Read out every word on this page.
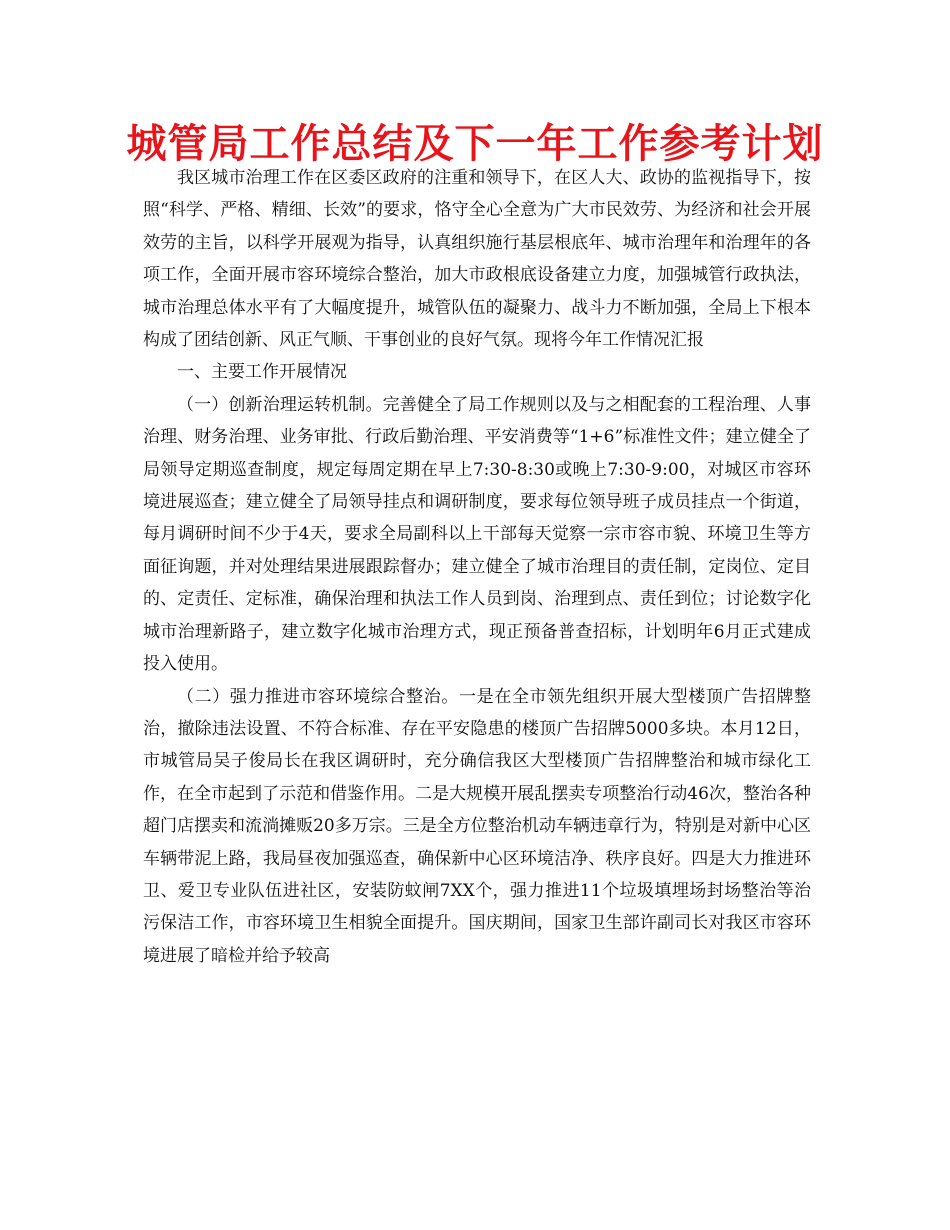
城管局工作总结及下一年工作参考计划

我区城市治理工作在区委区政府的注重和领导下，在区人大、政协的监视指导下，按照“科学、严格、精细、长效”的要求，恪守全心全意为广大市民效劳、为经济和社会开展效劳的主旨，以科学开展观为指导，认真组织施行基层根底年、城市治理年和治理年的各项工作，全面开展市容环境综合整治，加大市政根底设备建立力度，加强城管行政执法，城市治理总体水平有了大幅度提升，城管队伍的凝聚力、战斗力不断加强，全局上下根本构成了团结创新、风正气顺、干事创业的良好气氛。现将今年工作情况汇报

一、主要工作开展情况

（一）创新治理运转机制。完善健全了局工作规则以及与之相配套的工程治理、人事治理、财务治理、业务审批、行政后勤治理、平安消费等“1+6”标准性文件；建立健全了局领导定期巡查制度，规定每周定期在早上7:30-8:30或晚上7:30-9:00，对城区市容环境进展巡查；建立健全了局领导挂点和调研制度，要求每位领导班子成员挂点一个街道，每月调研时间不少于4天，要求全局副科以上干部每天觉察一宗市容市貌、环境卫生等方面征询题，并对处理结果进展跟踪督办；建立健全了城市治理目的责任制，定岗位、定目的、定责任、定标准，确保治理和执法工作人员到岗、治理到点、责任到位；讨论数字化城市治理新路子，建立数字化城市治理方式，现正预备普查招标，计划明年6月正式建成投入使用。

（二）强力推进市容环境综合整治。一是在全市领先组织开展大型楼顶广告招牌整治，撤除违法设置、不符合标准、存在平安隐患的楼顶广告招牌5000多块。本月12日，市城管局吴子俊局长在我区调研时，充分确信我区大型楼顶广告招牌整治和城市绿化工作，在全市起到了示范和借鉴作用。二是大规模开展乱摆卖专项整治行动46次，整治各种超门店摆卖和流淌摊贩20多万宗。三是全方位整治机动车辆违章行为，特别是对新中心区车辆带泥上路，我局昼夜加强巡查，确保新中心区环境洁净、秩序良好。四是大力推进环卫、爱卫专业队伍进社区，安装防蚊闸7XX个，强力推进11个垃圾填埋场封场整治等治污保洁工作，市容环境卫生相貌全面提升。国庆期间，国家卫生部许副司长对我区市容环境进展了暗检并给予较高
